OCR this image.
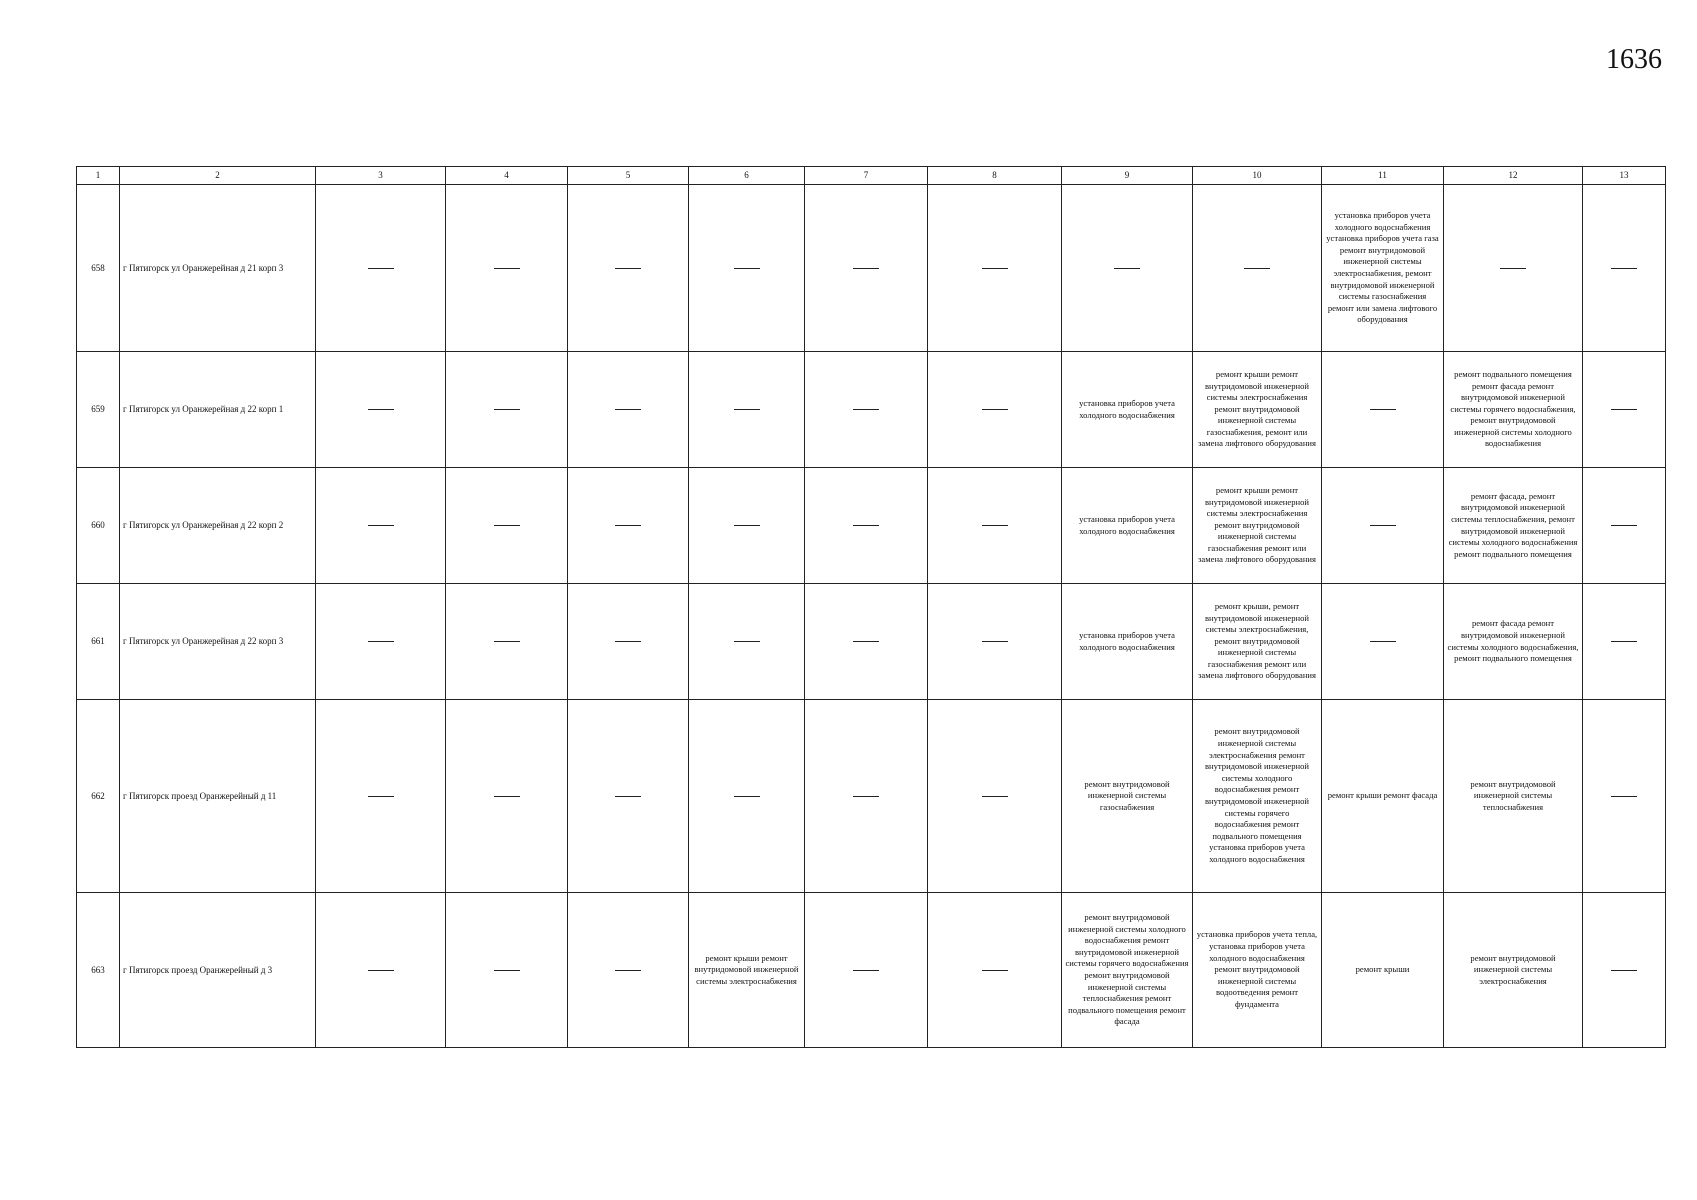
1636
1	2	3	4	5	6	7	8	9	10	11	12	13
658	г Пятигорск ул Оранжерейная д 21 корп 3									установка приборов учета холодного водоснабжения установка приборов учета газа ремонт внутридомовой инженерной системы электроснабжения, ремонт внутридомовой инженерной системы газоснабжения ремонт или замена лифтового оборудования		

659	г Пятигорск ул Оранжерейная д 22 корп 1							установка приборов учета холодного водоснабжения	ремонт крыши ремонт внутридомовой инженерной системы электроснабжения ремонт внутридомовой инженерной системы газоснабжения, ремонт или замена лифтового оборудования		ремонт подвального помещения ремонт фасада ремонт внутридомовой инженерной системы горячего водоснабжения, ремонт внутридомовой инженерной системы холодного водоснабжения	

660	г Пятигорск ул Оранжерейная д 22 корп 2							установка приборов учета холодного водоснабжения	ремонт крыши ремонт внутридомовой инженерной системы электроснабжения ремонт внутридомовой инженерной системы газоснабжения ремонт или замена лифтового оборудования		ремонт фасада, ремонт внутридомовой инженерной системы теплоснабжения, ремонт внутридомовой инженерной системы холодного водоснабжения ремонт подвального помещения	

661	г Пятигорск ул Оранжерейная д 22 корп 3							установка приборов учета холодного водоснабжения	ремонт крыши, ремонт внутридомовой инженерной системы электроснабжения, ремонт внутридомовой инженерной системы газоснабжения ремонт или замена лифтового оборудования		ремонт фасада ремонт внутридомовой инженерной системы холодного водоснабжения, ремонт подвального помещения	

662	г Пятигорск проезд Оранжерейный д 11							ремонт внутридомовой инженерной системы газоснабжения	ремонт внутридомовой инженерной системы электроснабжения ремонт внутридомовой инженерной системы холодного водоснабжения ремонт внутридомовой инженерной системы горячего водоснабжения ремонт подвального помещения установка приборов учета холодного водоснабжения	ремонт крыши ремонт фасада	ремонт внутридомовой инженерной системы теплоснабжения	

663	г Пятигорск проезд Оранжерейный д 3				ремонт крыши ремонт внутридомовой инженерной системы электроснабжения			ремонт внутридомовой инженерной системы холодного водоснабжения ремонт внутридомовой инженерной системы горячего водоснабжения ремонт внутридомовой инженерной системы теплоснабжения ремонт подвального помещения ремонт фасада	установка приборов учета тепла, установка приборов учета холодного водоснабжения ремонт внутридомовой инженерной системы водоотведения ремонт фундамента	ремонт крыши	ремонт внутридомовой инженерной системы электроснабжения	
